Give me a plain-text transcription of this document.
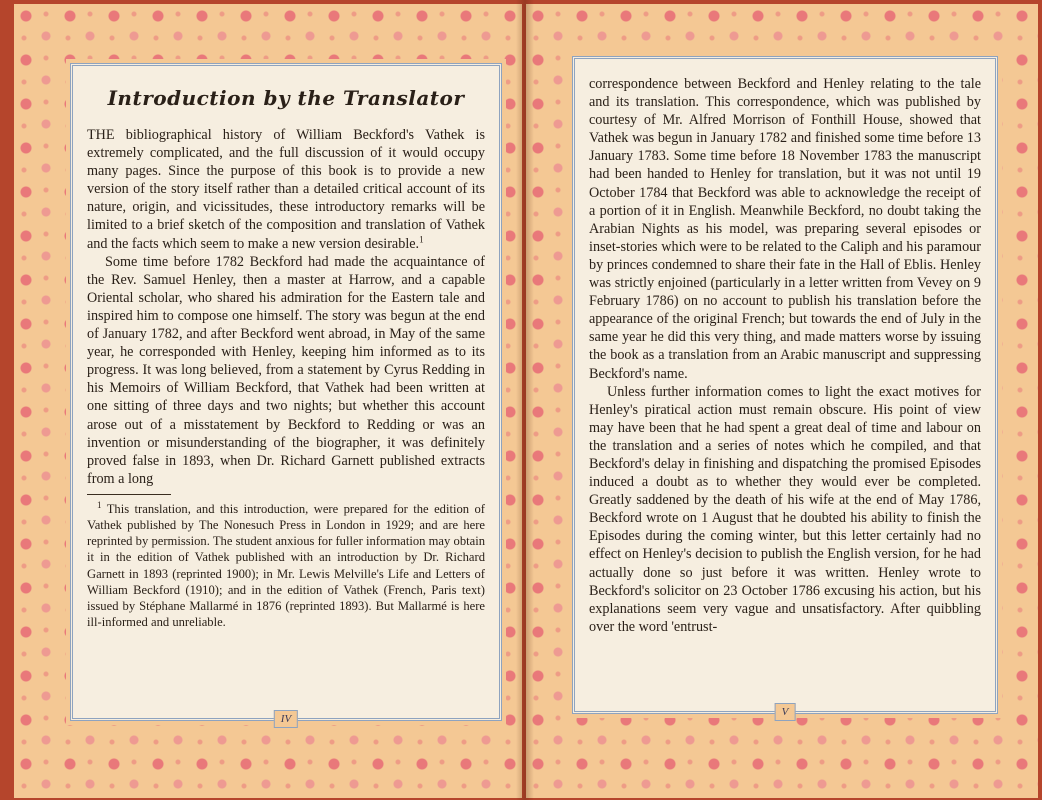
Introduction by the Translator

THE bibliographical history of William Beckford's Vathek is extremely complicated, and the full discussion of it would occupy many pages. Since the purpose of this book is to provide a new version of the story itself rather than a detailed critical account of its nature, origin, and vicissitudes, these introductory remarks will be limited to a brief sketch of the composition and translation of Vathek and the facts which seem to make a new version desirable.$^1$

Some time before 1782 Beckford had made the acquaintance of the Rev. Samuel Henley, then a master at Harrow, and a capable Oriental scholar, who shared his admiration for the Eastern tale and inspired him to compose one himself. The story was begun at the end of January 1782, and after Beckford went abroad, in May of the same year, he corresponded with Henley, keeping him informed as to its progress. It was long believed, from a statement by Cyrus Redding in his Memoirs of William Beckford, that Vathek had been written at one sitting of three days and two nights; but whether this account arose out of a misstatement by Beckford to Redding or was an invention or misunderstanding of the biographer, it was definitely proved false in 1893, when Dr. Richard Garnett published extracts from a long

$^1$ This translation, and this introduction, were prepared for the edition of Vathek published by The Nonesuch Press in London in 1929; and are here reprinted by permission. The student anxious for fuller information may obtain it in the edition of Vathek published with an introduction by Dr. Richard Garnett in 1893 (reprinted 1900); in Mr. Lewis Melville's Life and Letters of William Beckford (1910); and in the edition of Vathek (French, Paris text) issued by Stéphane Mallarmé in 1876 (reprinted 1893). But Mallarmé is here ill-informed and unreliable.

IV

correspondence between Beckford and Henley relating to the tale and its translation. This correspondence, which was published by courtesy of Mr. Alfred Morrison of Fonthill House, showed that Vathek was begun in January 1782 and finished some time before 13 January 1783. Some time before 18 November 1783 the manuscript had been handed to Henley for translation, but it was not until 19 October 1784 that Beckford was able to acknowledge the receipt of a portion of it in English. Meanwhile Beckford, no doubt taking the Arabian Nights as his model, was preparing several episodes or inset-stories which were to be related to the Caliph and his paramour by princes condemned to share their fate in the Hall of Eblis. Henley was strictly enjoined (particularly in a letter written from Vevey on 9 February 1786) on no account to publish his translation before the appearance of the original French; but towards the end of July in the same year he did this very thing, and made matters worse by issuing the book as a translation from an Arabic manuscript and suppressing Beckford's name.

Unless further information comes to light the exact motives for Henley's piratical action must remain obscure. His point of view may have been that he had spent a great deal of time and labour on the translation and a series of notes which he compiled, and that Beckford's delay in finishing and dispatching the promised Episodes induced a doubt as to whether they would ever be completed. Greatly saddened by the death of his wife at the end of May 1786, Beckford wrote on 1 August that he doubted his ability to finish the Episodes during the coming winter, but this letter certainly had no effect on Henley's decision to publish the English version, for he had actually done so just before it was written. Henley wrote to Beckford's solicitor on 23 October 1786 excusing his action, but his explanations seem very vague and unsatisfactory. After quibbling over the word 'entrust-

V
